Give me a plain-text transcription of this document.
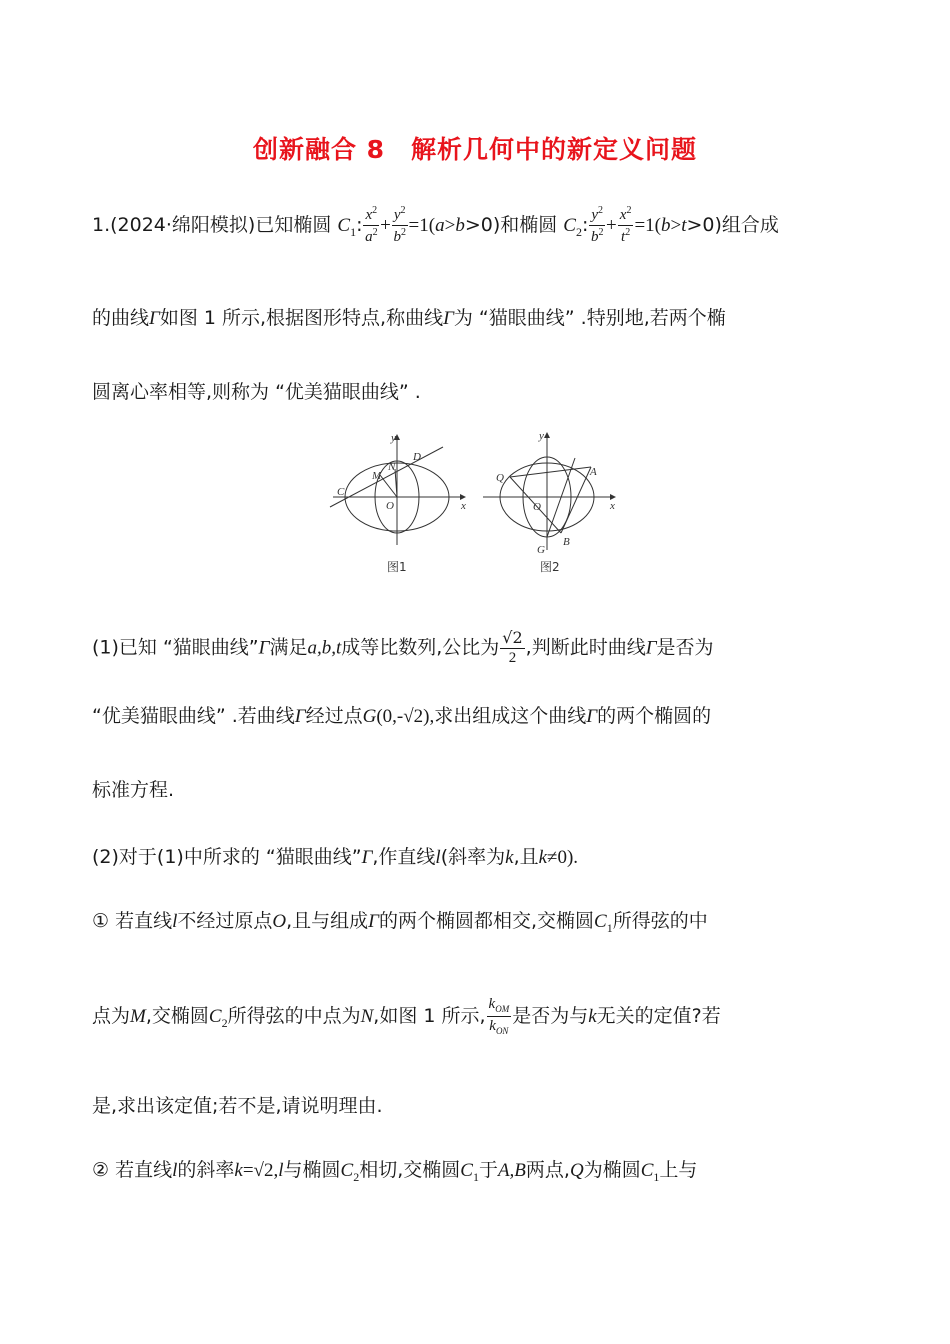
创新融合 8　解析几何中的新定义问题
1.(2024·绵阳模拟)已知椭圆 $C_1$: $\frac{x^2}{a^2} + \frac{y^2}{b^2} =1(a>b>0)$和椭圆 $C_2$: $\frac{y^2}{b^2} + \frac{x^2}{t^2} =1(b>t>0)$组合成
的曲线Γ如图 1 所示,根据图形特点,称曲线Γ为 “猫眼曲线” .特别地,若两个椭
圆离心率相等,则称为 “优美猫眼曲线” .
O
C
M
N
D
y
x
图1
O
Q	A
B
G
y
x
图2
(1)已知 “猫眼曲线”Γ满足a,b,t成等比数列,公比为 $\frac{√2}{2}$ ,判断此时曲线Γ是否为
“优美猫眼曲线” .若曲线Γ经过点G(0,-√2),求出组成这个曲线Γ的两个椭圆的
标准方程.
(2)对于(1)中所求的 “猫眼曲线”Γ,作直线l(斜率为k,且k≠0).
① 若直线l不经过原点O,且与组成Γ的两个椭圆都相交,交椭圆$C_1$所得弦的中
点为M,交椭圆$C_2$所得弦的中点为N,如图 1 所示, $\frac{k_{OM}}{k_{ON}}$ 是否为与k无关的定值?若
是,求出该定值;若不是,请说明理由.
② 若直线l的斜率k=√2,l与椭圆$C_2$相切,交椭圆$C_1$于A,B两点,Q为椭圆$C_1$上与
